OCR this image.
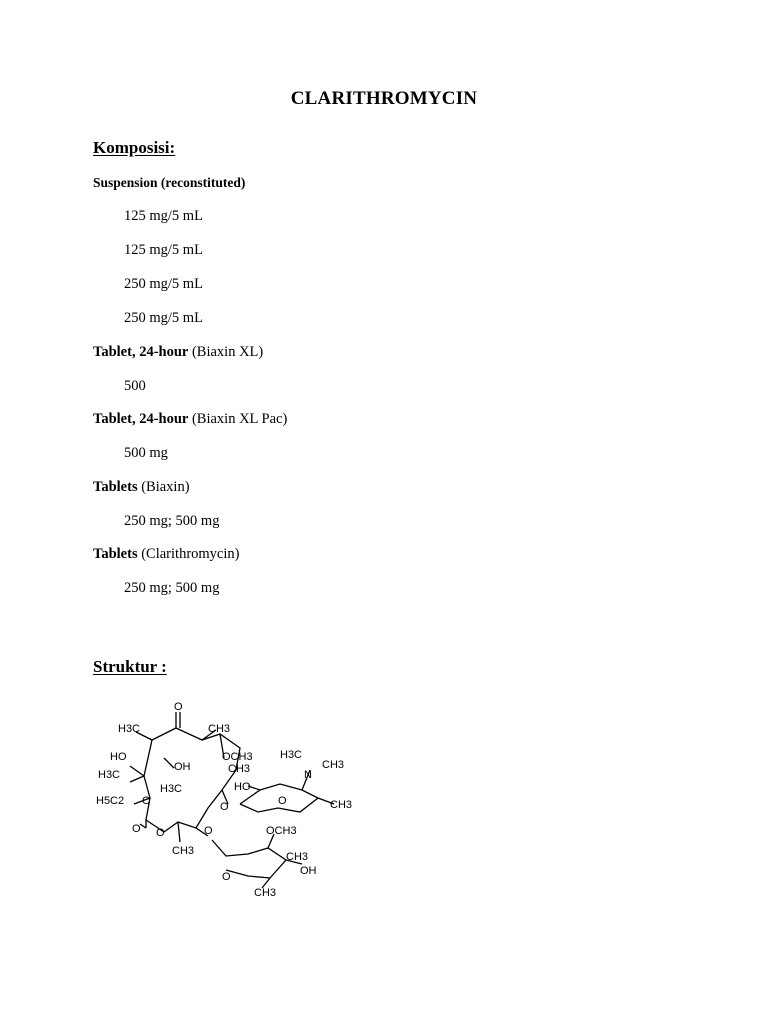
CLARITHROMYCIN
Komposisi:
Suspension (reconstituted)
125 mg/5 mL
125 mg/5 mL
250 mg/5 mL
250 mg/5 mL
Tablet, 24-hour (Biaxin XL)
500
Tablet, 24-hour (Biaxin XL Pac)
500 mg
Tablets (Biaxin)
250 mg; 500 mg
Tablets (Clarithromycin)
250 mg; 500 mg
Struktur :
O
H3C	CH3
HO
OH
OCH3
H3C	CH3
H3C
N
CH3
H5C2 O
H3C	HO
O	O	CH3
O O	O
CH3
OCH3
CH3
O	OH
CH3
